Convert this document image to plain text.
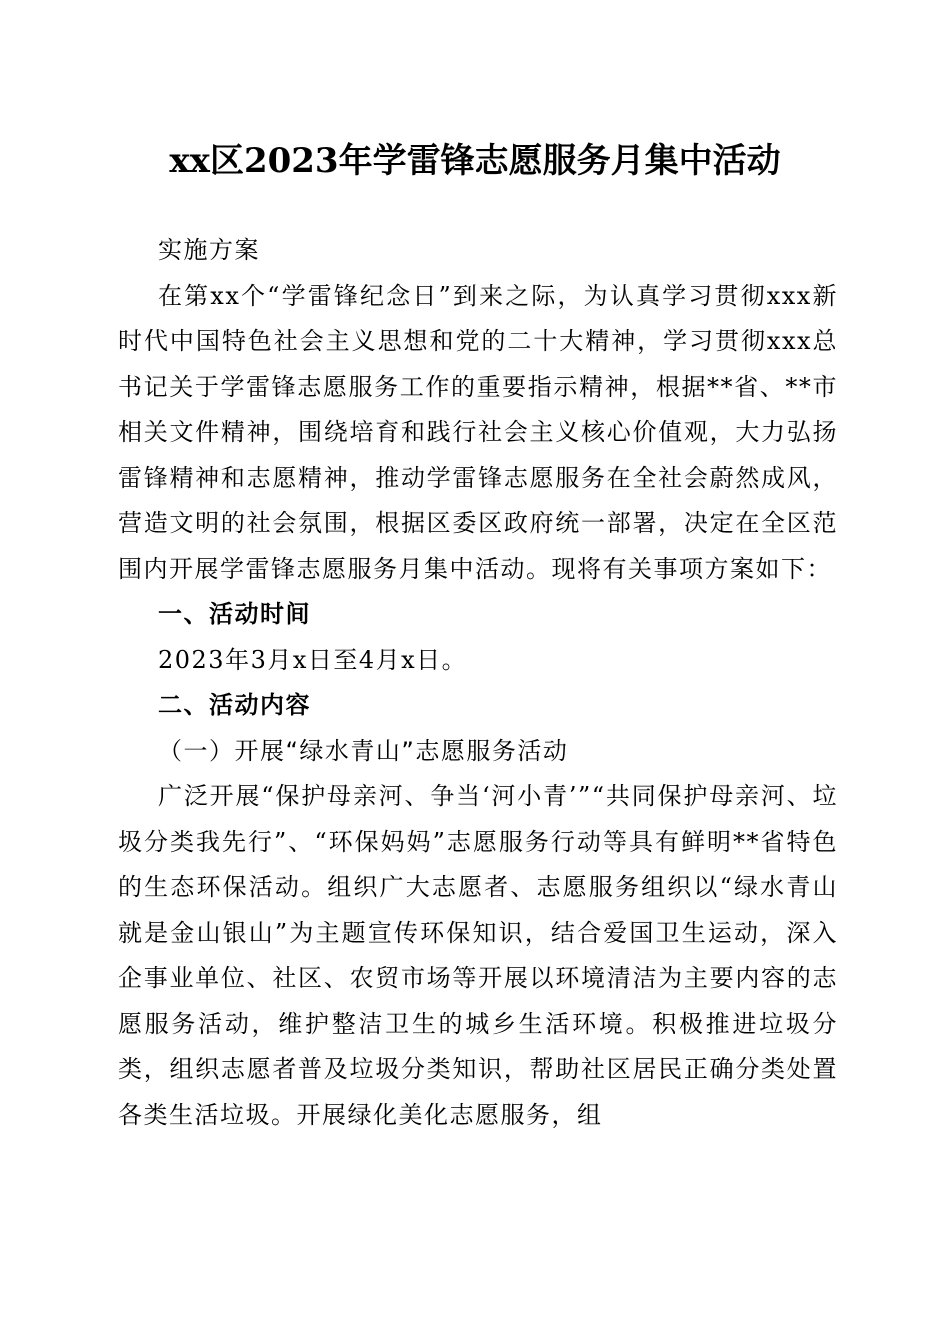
xx区2023年学雷锋志愿服务月集中活动

实施方案

在第xx个“学雷锋纪念日”到来之际，为认真学习贯彻xxx新时代中国特色社会主义思想和党的二十大精神，学习贯彻xxx总书记关于学雷锋志愿服务工作的重要指示精神，根据**省、**市相关文件精神，围绕培育和践行社会主义核心价值观，大力弘扬雷锋精神和志愿精神，推动学雷锋志愿服务在全社会蔚然成风，营造文明的社会氛围，根据区委区政府统一部署，决定在全区范围内开展学雷锋志愿服务月集中活动。现将有关事项方案如下：

一、活动时间

2023年3月x日至4月x日。

二、活动内容

（一）开展“绿水青山”志愿服务活动

广泛开展“保护母亲河、争当‘河小青’”“共同保护母亲河、垃圾分类我先行”、“环保妈妈”志愿服务行动等具有鲜明**省特色的生态环保活动。组织广大志愿者、志愿服务组织以“绿水青山就是金山银山”为主题宣传环保知识，结合爱国卫生运动，深入企事业单位、社区、农贸市场等开展以环境清洁为主要内容的志愿服务活动，维护整洁卫生的城乡生活环境。积极推进垃圾分类，组织志愿者普及垃圾分类知识，帮助社区居民正确分类处置各类生活垃圾。开展绿化美化志愿服务，组
